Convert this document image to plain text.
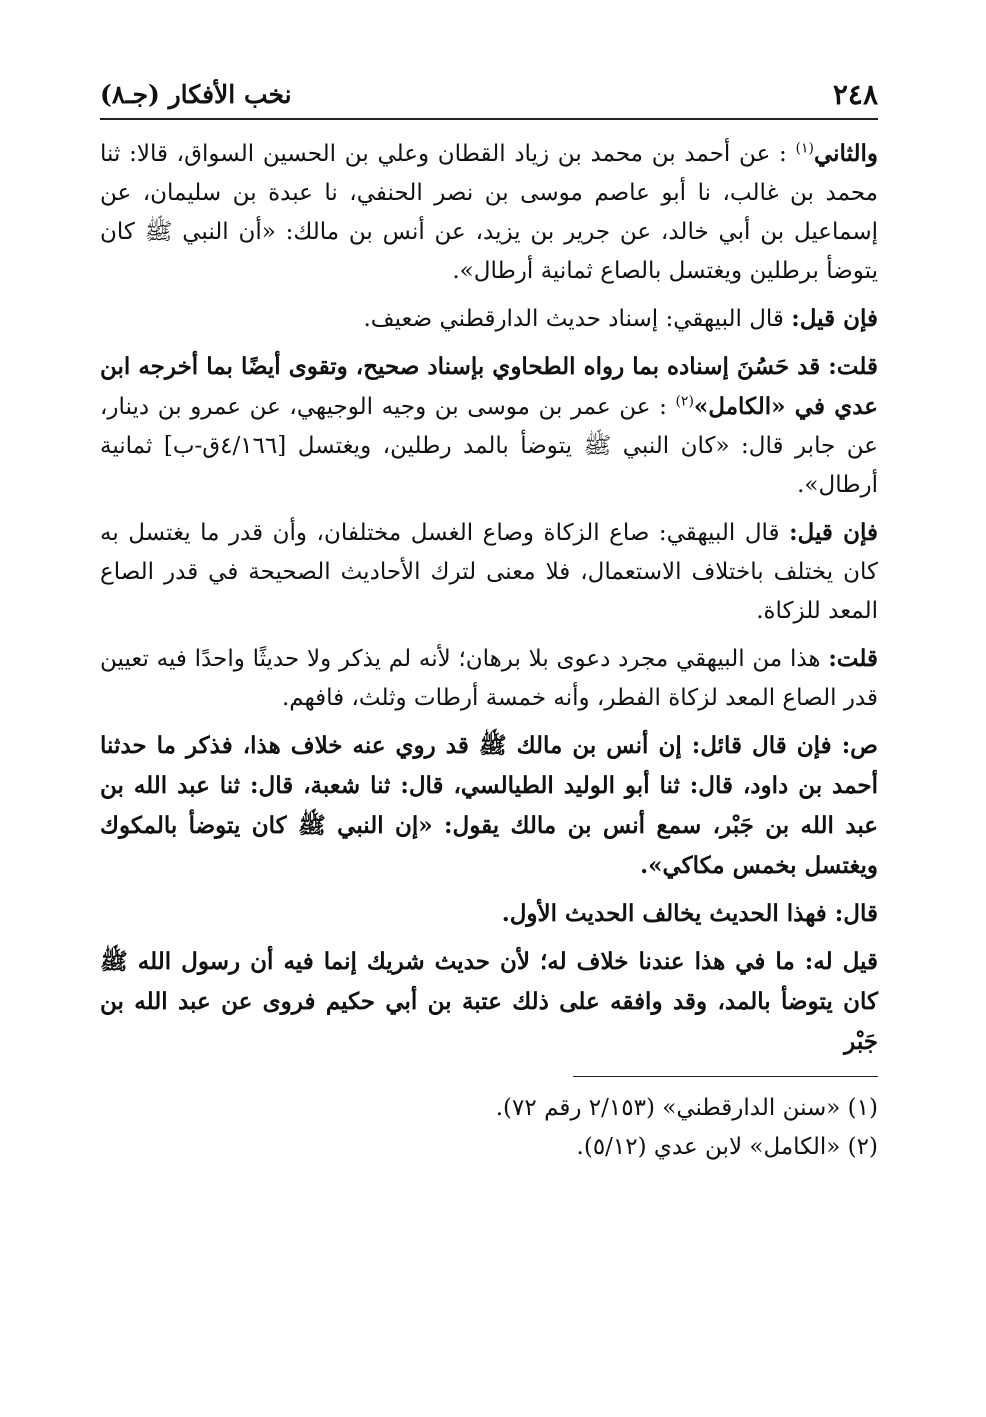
٢٤٨
نخب الأفكار (جـ٨)

والثاني$^{(١)}$ : عن أحمد بن محمد بن زياد القطان وعلي بن الحسين السواق، قالا: ثنا محمد بن غالب، نا أبو عاصم موسى بن نصر الحنفي، نا عبدة بن سليمان، عن إسماعيل بن أبي خالد، عن جرير بن يزيد، عن أنس بن مالك: «أن النبي ﷺ كان يتوضأ برطلين ويغتسل بالصاع ثمانية أرطال».

فإن قيل: قال البيهقي: إسناد حديث الدارقطني ضعيف.

قلت: قد حَسُنَ إسناده بما رواه الطحاوي بإسناد صحيح، وتقوى أيضًا بما أخرجه ابن عدي في «الكامل»$^{(٢)}$ : عن عمر بن موسى بن وجيه الوجيهي، عن عمرو بن دينار، عن جابر قال: «كان النبي ﷺ يتوضأ بالمد رطلين، ويغتسل [٤/١٦٦ق-ب] ثمانية أرطال».

فإن قيل: قال البيهقي: صاع الزكاة وصاع الغسل مختلفان، وأن قدر ما يغتسل به كان يختلف باختلاف الاستعمال، فلا معنى لترك الأحاديث الصحيحة في قدر الصاع المعد للزكاة.

قلت: هذا من البيهقي مجرد دعوى بلا برهان؛ لأنه لم يذكر ولا حديثًا واحدًا فيه تعيين قدر الصاع المعد لزكاة الفطر، وأنه خمسة أرطات وثلث، فافهم.

ص: فإن قال قائل: إن أنس بن مالك ﷺ قد روي عنه خلاف هذا، فذكر ما حدثنا أحمد بن داود، قال: ثنا أبو الوليد الطيالسي، قال: ثنا شعبة، قال: ثنا عبد الله بن عبد الله بن جَبْر، سمع أنس بن مالك يقول: «إن النبي ﷺ كان يتوضأ بالمكوك ويغتسل بخمس مكاكي».

قال: فهذا الحديث يخالف الحديث الأول.

قيل له: ما في هذا عندنا خلاف له؛ لأن حديث شريك إنما فيه أن رسول الله ﷺ كان يتوضأ بالمد، وقد وافقه على ذلك عتبة بن أبي حكيم فروى عن عبد الله بن جَبْر

(١) «سنن الدارقطني» (٢/١٥٣ رقم ٧٢).

(٢) «الكامل» لابن عدي (٥/١٢).
